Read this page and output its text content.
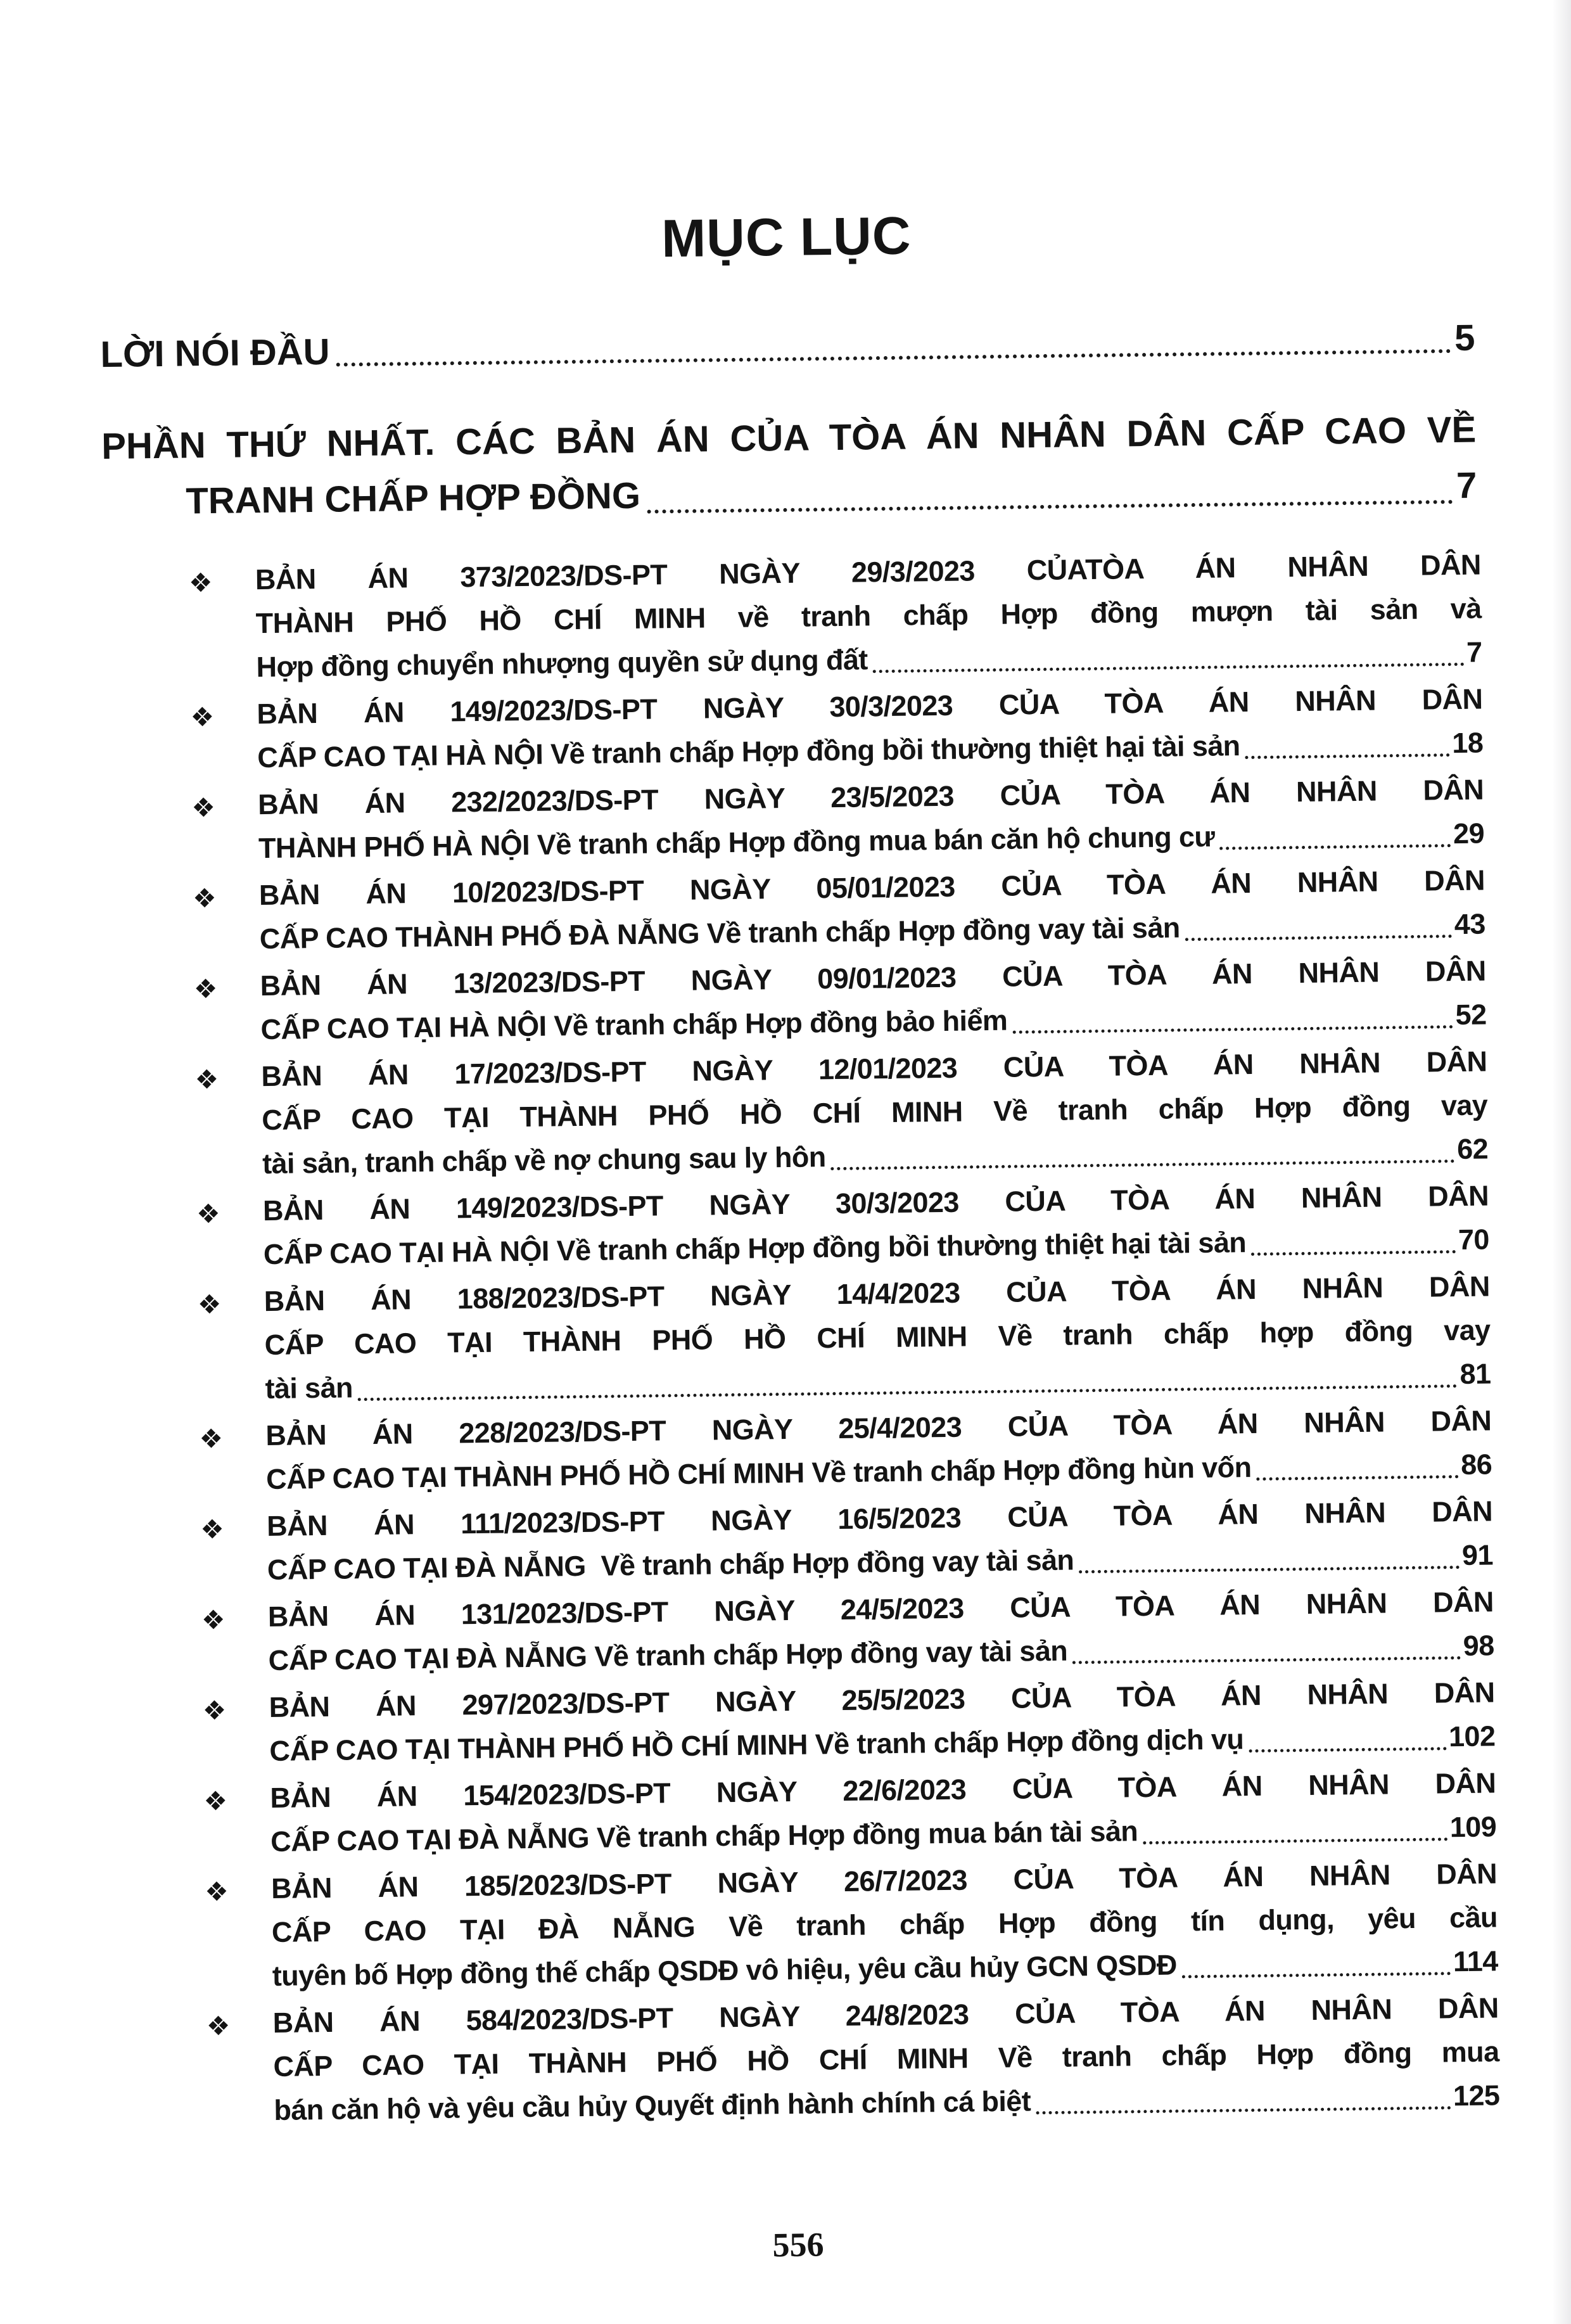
MỤC LỤC
LỜI NÓI ĐẦU	5
PHẦN THỨ NHẤT. CÁC BẢN ÁN CỦA TÒA ÁN NHÂN DÂN CẤP CAO VỀ
TRANH CHẤP HỢP ĐỒNG	7
❖ BẢN ÁN 373/2023/DS-PT NGÀY 29/3/2023 CỦATÒA ÁN NHÂN DÂN
THÀNH PHỐ HỒ CHÍ MINH về tranh chấp Hợp đồng mượn tài sản và
Hợp đồng chuyển nhượng quyền sử dụng đất	7
❖ BẢN ÁN 149/2023/DS-PT NGÀY 30/3/2023 CỦA TÒA ÁN NHÂN DÂN
CẤP CAO TẠI HÀ NỘI Về tranh chấp Hợp đồng bồi thường thiệt hại tài sản	18
❖ BẢN ÁN 232/2023/DS-PT NGÀY 23/5/2023 CỦA TÒA ÁN NHÂN DÂN
THÀNH PHỐ HÀ NỘI Về tranh chấp Hợp đồng mua bán căn hộ chung cư	29
❖ BẢN ÁN 10/2023/DS-PT NGÀY 05/01/2023 CỦA TÒA ÁN NHÂN DÂN
CẤP CAO THÀNH PHỐ ĐÀ NẴNG Về tranh chấp Hợp đồng vay tài sản	43
❖ BẢN ÁN 13/2023/DS-PT NGÀY 09/01/2023 CỦA TÒA ÁN NHÂN DÂN
CẤP CAO TẠI HÀ NỘI Về tranh chấp Hợp đồng bảo hiểm	52
❖ BẢN ÁN 17/2023/DS-PT NGÀY 12/01/2023 CỦA TÒA ÁN NHÂN DÂN
CẤP CAO TẠI THÀNH PHỐ HỒ CHÍ MINH Về tranh chấp Hợp đồng vay
tài sản, tranh chấp về nợ chung sau ly hôn	62
❖ BẢN ÁN 149/2023/DS-PT NGÀY 30/3/2023 CỦA TÒA ÁN NHÂN DÂN
CẤP CAO TẠI HÀ NỘI Về tranh chấp Hợp đồng bồi thường thiệt hại tài sản	70
❖ BẢN ÁN 188/2023/DS-PT NGÀY 14/4/2023 CỦA TÒA ÁN NHÂN DÂN
CẤP CAO TẠI THÀNH PHỐ HỒ CHÍ MINH Về tranh chấp hợp đồng vay
tài sản	81
❖ BẢN ÁN 228/2023/DS-PT NGÀY 25/4/2023 CỦA TÒA ÁN NHÂN DÂN
CẤP CAO TẠI THÀNH PHỐ HỒ CHÍ MINH Về tranh chấp Hợp đồng hùn vốn	86
❖ BẢN ÁN 111/2023/DS-PT NGÀY 16/5/2023 CỦA TÒA ÁN NHÂN DÂN
CẤP CAO TẠI ĐÀ NẴNG  Về tranh chấp Hợp đồng vay tài sản	91
❖ BẢN ÁN 131/2023/DS-PT NGÀY 24/5/2023 CỦA TÒA ÁN NHÂN DÂN
CẤP CAO TẠI ĐÀ NẴNG Về tranh chấp Hợp đồng vay tài sản	98
❖ BẢN ÁN 297/2023/DS-PT NGÀY 25/5/2023 CỦA TÒA ÁN NHÂN DÂN
CẤP CAO TẠI THÀNH PHỐ HỒ CHÍ MINH Về tranh chấp Hợp đồng dịch vụ	102
❖ BẢN ÁN 154/2023/DS-PT NGÀY 22/6/2023 CỦA TÒA ÁN NHÂN DÂN
CẤP CAO TẠI ĐÀ NẴNG Về tranh chấp Hợp đồng mua bán tài sản	109
❖ BẢN ÁN 185/2023/DS-PT NGÀY 26/7/2023 CỦA TÒA ÁN NHÂN DÂN
CẤP CAO TẠI ĐÀ NẴNG Về tranh chấp Hợp đồng tín dụng, yêu cầu
tuyên bố Hợp đồng thế chấp QSDĐ vô hiệu, yêu cầu hủy GCN QSDĐ	114
❖ BẢN ÁN 584/2023/DS-PT NGÀY 24/8/2023 CỦA TÒA ÁN NHÂN DÂN
CẤP CAO TẠI THÀNH PHỐ HỒ CHÍ MINH Về tranh chấp Hợp đồng mua
bán căn hộ và yêu cầu hủy Quyết định hành chính cá biệt	125
556
